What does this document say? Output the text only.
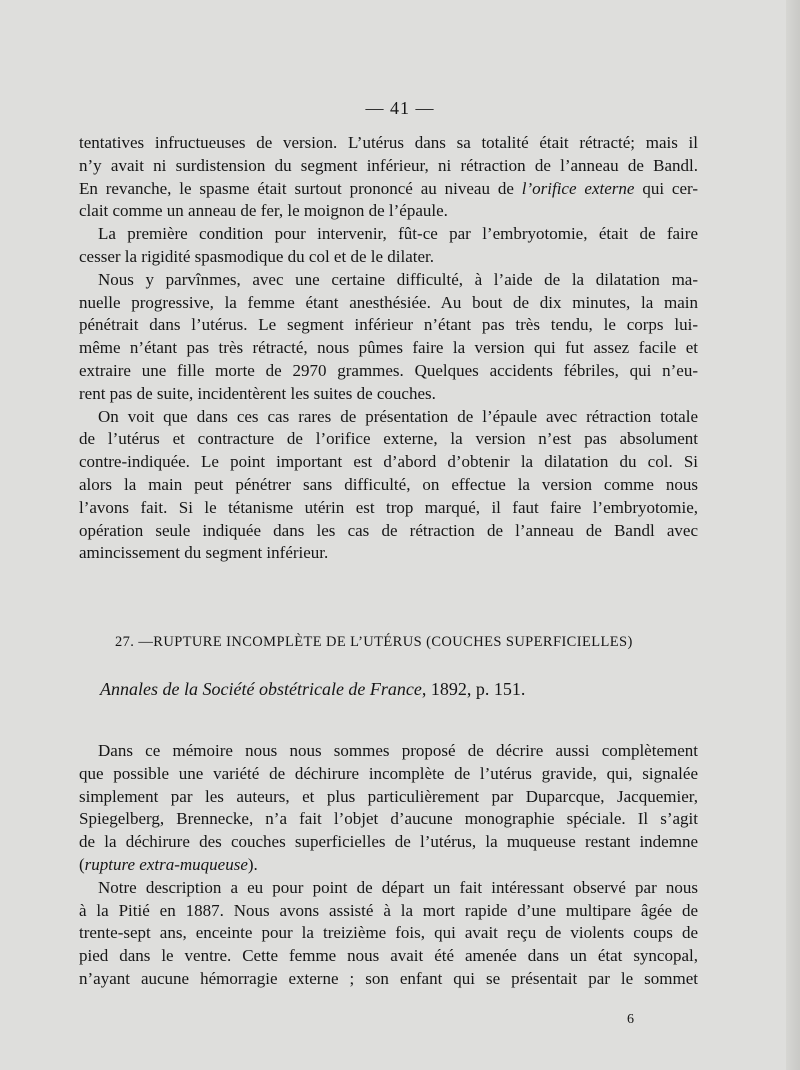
— 41 —

tentatives infructueuses de version. L’utérus dans sa totalité était rétracté; mais il
n’y avait ni surdistension du segment inférieur, ni rétraction de l’anneau de Bandl.
En revanche, le spasme était surtout prononcé au niveau de l’orifice externe qui cer-
clait comme un anneau de fer, le moignon de l’épaule.

La première condition pour intervenir, fût-ce par l’embryotomie, était de faire
cesser la rigidité spasmodique du col et de le dilater.

Nous y parvînmes, avec une certaine difficulté, à l’aide de la dilatation ma-
nuelle progressive, la femme étant anesthésiée. Au bout de dix minutes, la main
pénétrait dans l’utérus. Le segment inférieur n’étant pas très tendu, le corps lui-
même n’étant pas très rétracté, nous pûmes faire la version qui fut assez facile et
extraire une fille morte de 2970 grammes. Quelques accidents fébriles, qui n’eu-
rent pas de suite, incidentèrent les suites de couches.

On voit que dans ces cas rares de présentation de l’épaule avec rétraction totale
de l’utérus et contracture de l’orifice externe, la version n’est pas absolument
contre-indiquée. Le point important est d’abord d’obtenir la dilatation du col. Si
alors la main peut pénétrer sans difficulté, on effectue la version comme nous
l’avons fait. Si le tétanisme utérin est trop marqué, il faut faire l’embryotomie,
opération seule indiquée dans les cas de rétraction de l’anneau de Bandl avec
amincissement du segment inférieur.

27. —RUPTURE INCOMPLÈTE DE L’UTÉRUS (COUCHES SUPERFICIELLES)
Annales de la Société obstétricale de France, 1892, p. 151.

Dans ce mémoire nous nous sommes proposé de décrire aussi complètement
que possible une variété de déchirure incomplète de l’utérus gravide, qui, signalée
simplement par les auteurs, et plus particulièrement par Duparcque, Jacquemier,
Spiegelberg, Brennecke, n’a fait l’objet d’aucune monographie spéciale. Il s’agit
de la déchirure des couches superficielles de l’utérus, la muqueuse restant indemne
(rupture extra-muqueuse).

Notre description a eu pour point de départ un fait intéressant observé par nous
à la Pitié en 1887. Nous avons assisté à la mort rapide d’une multipare âgée de
trente-sept ans, enceinte pour la treizième fois, qui avait reçu de violents coups de
pied dans le ventre. Cette femme nous avait été amenée dans un état syncopal,
n’ayant aucune hémorragie externe ; son enfant qui se présentait par le sommet

6
